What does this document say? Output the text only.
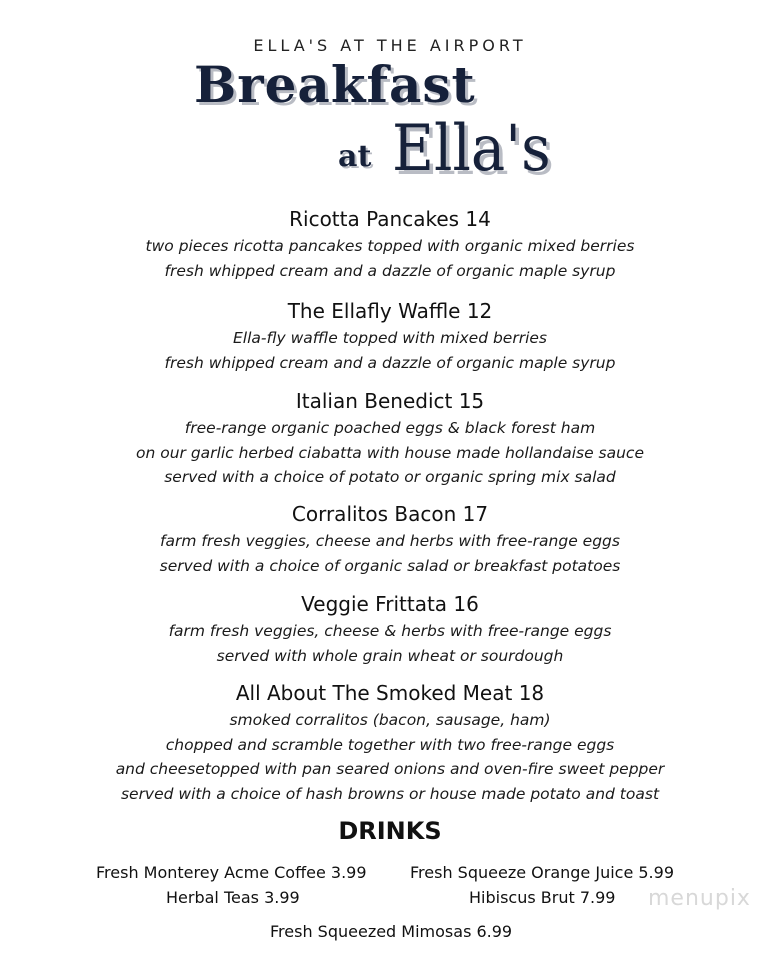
ELLA'S AT THE AIRPORT
Breakfast
at Ella's
Ricotta Pancakes 14
two pieces ricotta pancakes topped with organic mixed berries
fresh whipped cream and a dazzle of organic maple syrup
The Ellafly Waffle 12
Ella-fly waffle topped with mixed berries
fresh whipped cream and a dazzle of organic maple syrup
Italian Benedict 15
free-range organic poached eggs & black forest ham
on our garlic herbed ciabatta with house made hollandaise sauce
served with a choice of potato or organic spring mix salad
Corralitos Bacon 17
farm fresh veggies, cheese and herbs with free-range eggs
served with a choice of organic salad or breakfast potatoes
Veggie Frittata 16
farm fresh veggies, cheese & herbs with free-range eggs
served with whole grain wheat or sourdough
All About The Smoked Meat 18
smoked corralitos (bacon, sausage, ham)
chopped and scramble together with two free-range eggs
and cheesetopped with pan seared onions and oven-fire sweet pepper
served with a choice of hash browns or house made potato and toast
DRINKS
Fresh Monterey Acme Coffee 3.99
Herbal Teas 3.99
Fresh Squeeze Orange Juice 5.99
Hibiscus Brut 7.99 menupix
Fresh Squeezed Mimosas 6.99
